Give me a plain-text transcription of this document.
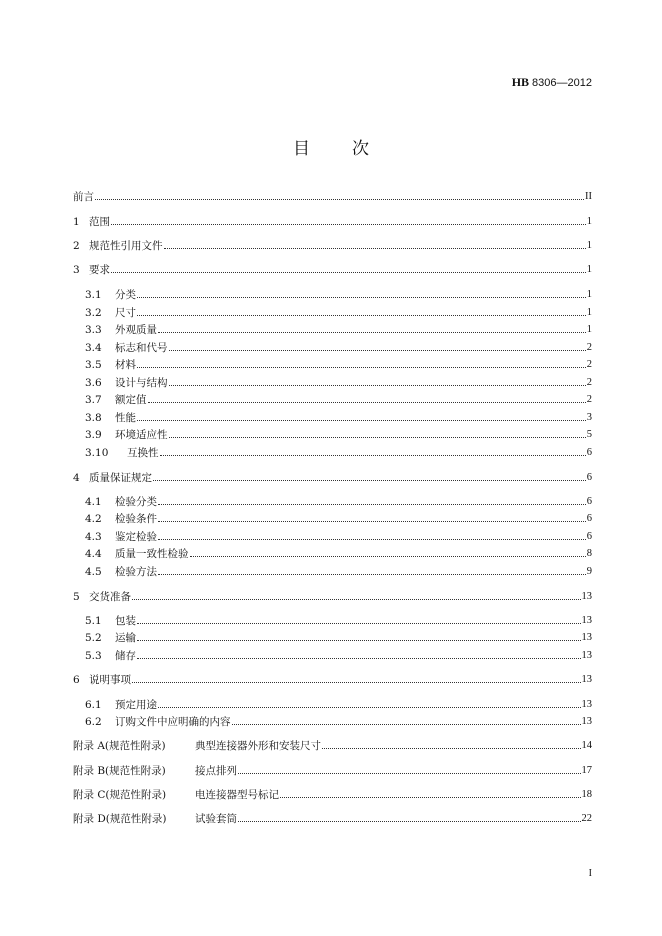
HB 8306—2012
目次
前言	II
1 范围	1
2 规范性引用文件	1
3 要求	1
3.1	分类	1
3.2	尺寸	1
3.3	外观质量	1
3.4	标志和代号	2
3.5	材料	2
3.6	设计与结构	2
3.7	额定值	2
3.8	性能	3
3.9	环境适应性	5
3.10	互换性	6
4 质量保证规定	6
4.1	检验分类	6
4.2	检验条件	6
4.3	鉴定检验	6
4.4	质量一致性检验	8
4.5	检验方法	9
5 交货准备	13
5.1	包装	13
5.2	运输	13
5.3	储存	13
6 说明事项	13
6.1	预定用途	13
6.2	订购文件中应明确的内容	13
附录 A(规范性附录)	典型连接器外形和安装尺寸	14
附录 B(规范性附录)	接点排列	17
附录 C(规范性附录)	电连接器型号标记	18
附录 D(规范性附录)	试验套筒	22
I
